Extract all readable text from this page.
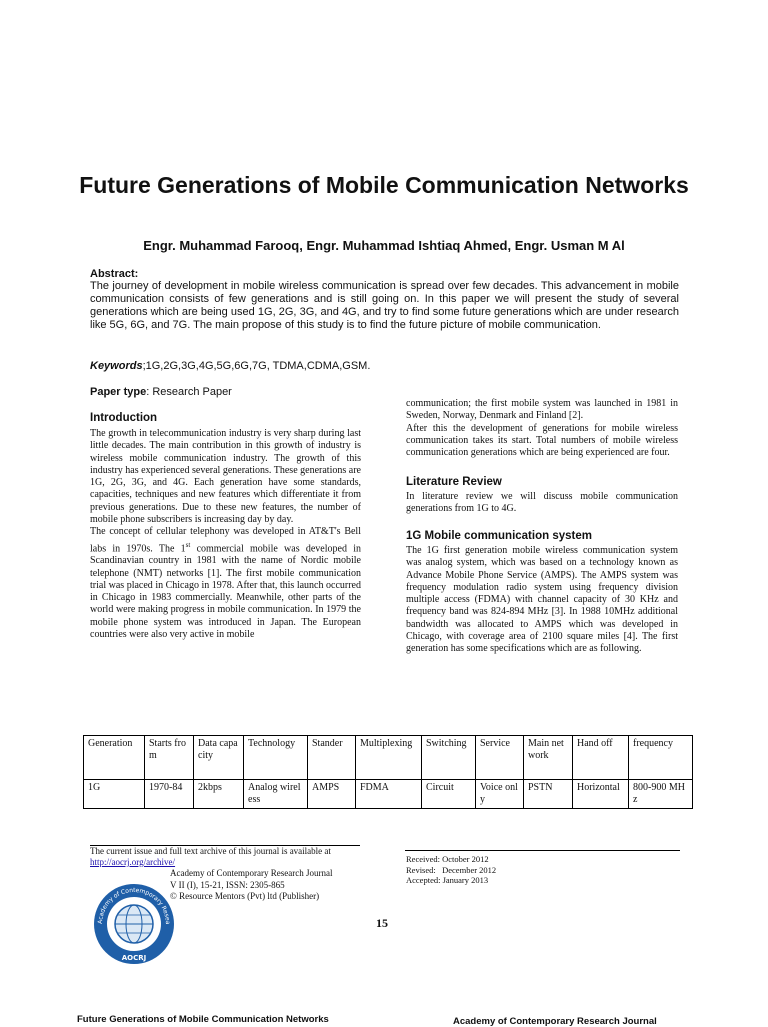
Future Generations of Mobile Communication Networks
Engr. Muhammad Farooq, Engr. Muhammad Ishtiaq Ahmed, Engr. Usman M Al
Abstract:
The journey of development in mobile wireless communication is spread over few decades. This advancement in mobile communication consists of few generations and is still going on. In this paper we will present the study of several generations which are being used 1G, 2G, 3G, and 4G, and try to find some future generations which are under research like 5G, 6G, and 7G. The main propose of this study is to find the future picture of mobile communication.
Keywords;1G,2G,3G,4G,5G,6G,7G, TDMA,CDMA,GSM.
Paper type: Research Paper
Introduction

The growth in telecommunication industry is very sharp during last little decades. The main contribution in this growth of industry is wireless mobile communication industry. The growth of this industry has experienced several generations. These generations are 1G, 2G, 3G, and 4G. Each generation have some standards, capacities, techniques and new features which differentiate it from previous generations. Due to these new features, the number of mobile phone subscribers is increasing day by day.

The concept of cellular telephony was developed in AT&T's Bell labs in 1970s. The 1st commercial mobile was developed in Scandinavian country in 1981 with the name of Nordic mobile telephone (NMT) networks [1]. The first mobile communication trial was placed in Chicago in 1978. After that, this launch occurred in Chicago in 1983 commercially. Meanwhile, other parts of the world were making progress in mobile communication. In 1979 the mobile phone system was introduced in Japan. The European countries were also very active in mobile

communication; the first mobile system was launched in 1981 in Sweden, Norway, Denmark and Finland [2].

After this the development of generations for mobile wireless communication takes its start. Total numbers of mobile wireless communication generations which are being experienced are four.

Literature Review
In literature review we will discuss mobile communication generations from 1G to 4G.
1G Mobile communication system
The 1G first generation mobile wireless communication system was analog system, which was based on a technology known as Advance Mobile Phone Service (AMPS). The AMPS system was frequency modulation radio system using frequency division multiple access (FDMA) with channel capacity of 30 KHz and frequency band was 824-894 MHz [3]. In 1988 10MHz additional bandwidth was allocated to AMPS which was developed in Chicago, with coverage area of 2100 square miles [4]. The first generation has some specifications which are as following.
Generation	Starts from	Data capacity	Technology	Stander	Multiplexing	Switching	Service	Main network	Hand off	frequency
1G	1970-84	2kbps	Analog wireless	AMPS	FDMA	Circuit	Voice only	PSTN	Horizontal	800-900 MHz
The current issue and full text archive of this journal is available at
http://aocrj.org/archive/
Academy of Contemporary Research Journal
V II (I), 15-21, ISSN: 2305-865
© Resource Mentors (Pvt) ltd (Publisher)
Received: October 2012
Revised:   December 2012
Accepted: January 2013
Academy of Contemporary Resea
AOCRJ
15
Future Generations of Mobile Communication Networks	Academy of Contemporary Research Journal
